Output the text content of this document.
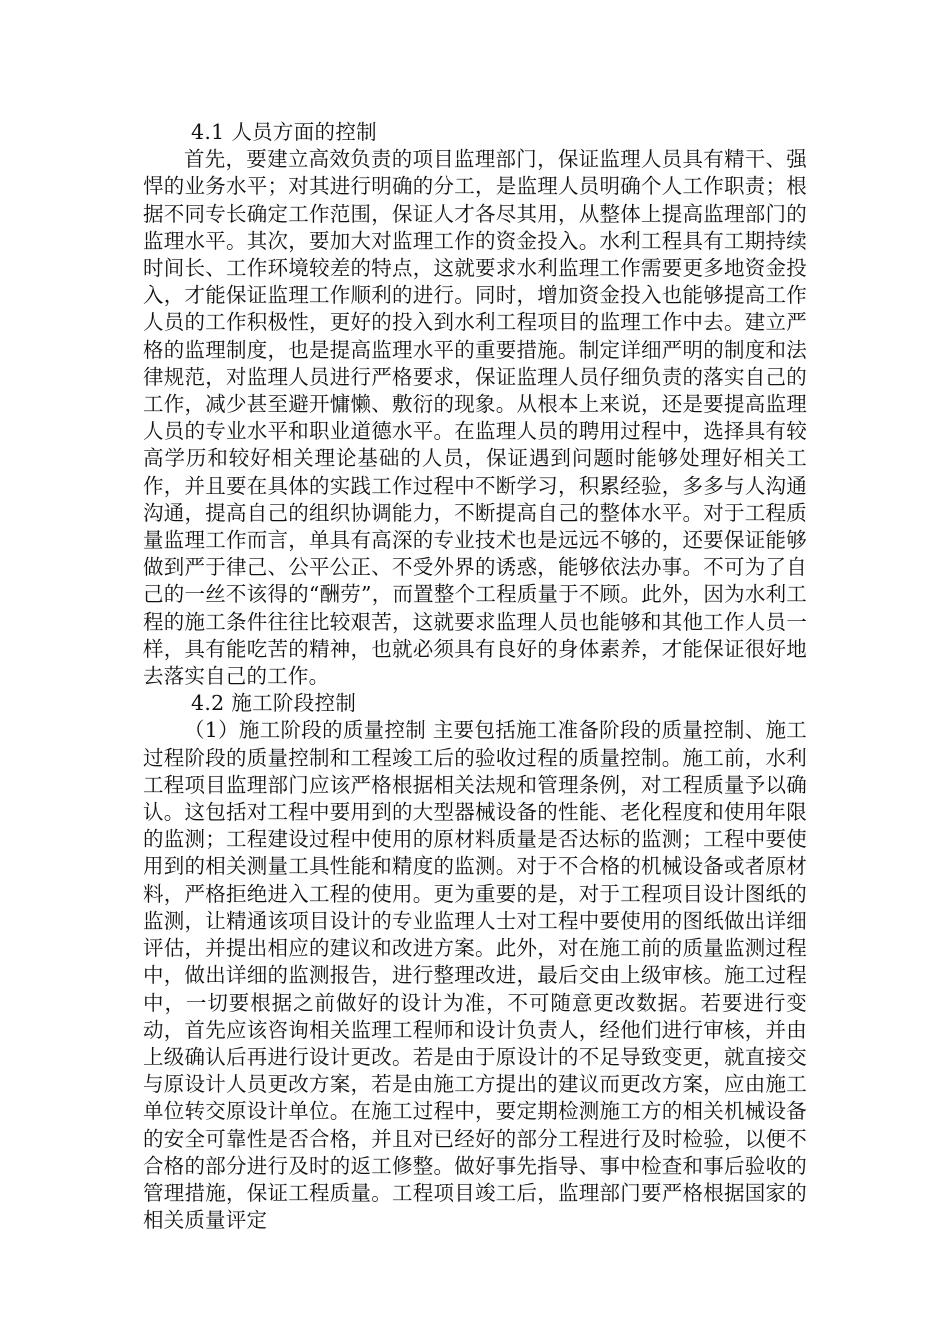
4.1 人员方面的控制

首先，要建立高效负责的项目监理部门，保证监理人员具有精干、强悍的业务水平；对其进行明确的分工，是监理人员明确个人工作职责；根据不同专长确定工作范围，保证人才各尽其用，从整体上提高监理部门的监理水平。其次，要加大对监理工作的资金投入。水利工程具有工期持续时间长、工作环境较差的特点，这就要求水利监理工作需要更多地资金投入，才能保证监理工作顺利的进行。同时，增加资金投入也能够提高工作人员的工作积极性，更好的投入到水利工程项目的监理工作中去。建立严格的监理制度，也是提高监理水平的重要措施。制定详细严明的制度和法律规范，对监理人员进行严格要求，保证监理人员仔细负责的落实自己的工作，减少甚至避开慵懒、敷衍的现象。从根本上来说，还是要提高监理人员的专业水平和职业道德水平。在监理人员的聘用过程中，选择具有较高学历和较好相关理论基础的人员，保证遇到问题时能够处理好相关工作，并且要在具体的实践工作过程中不断学习，积累经验，多多与人沟通沟通，提高自己的组织协调能力，不断提高自己的整体水平。对于工程质量监理工作而言，单具有高深的专业技术也是远远不够的，还要保证能够做到严于律己、公平公正、不受外界的诱惑，能够依法办事。不可为了自己的一丝不该得的“酬劳”，而置整个工程质量于不顾。此外，因为水利工程的施工条件往往比较艰苦，这就要求监理人员也能够和其他工作人员一样，具有能吃苦的精神，也就必须具有良好的身体素养，才能保证很好地去落实自己的工作。

4.2 施工阶段控制

（1）施工阶段的质量控制 主要包括施工准备阶段的质量控制、施工过程阶段的质量控制和工程竣工后的验收过程的质量控制。施工前，水利工程项目监理部门应该严格根据相关法规和管理条例，对工程质量予以确认。这包括对工程中要用到的大型器械设备的性能、老化程度和使用年限的监测；工程建设过程中使用的原材料质量是否达标的监测；工程中要使用到的相关测量工具性能和精度的监测。对于不合格的机械设备或者原材料，严格拒绝进入工程的使用。更为重要的是，对于工程项目设计图纸的监测，让精通该项目设计的专业监理人士对工程中要使用的图纸做出详细评估，并提出相应的建议和改进方案。此外，对在施工前的质量监测过程中，做出详细的监测报告，进行整理改进，最后交由上级审核。施工过程中，一切要根据之前做好的设计为准，不可随意更改数据。若要进行变动，首先应该咨询相关监理工程师和设计负责人，经他们进行审核，并由上级确认后再进行设计更改。若是由于原设计的不足导致变更，就直接交与原设计人员更改方案，若是由施工方提出的建议而更改方案，应由施工单位转交原设计单位。在施工过程中，要定期检测施工方的相关机械设备的安全可靠性是否合格，并且对已经好的部分工程进行及时检验，以便不合格的部分进行及时的返工修整。做好事先指导、事中检查和事后验收的管理措施，保证工程质量。工程项目竣工后，监理部门要严格根据国家的相关质量评定
